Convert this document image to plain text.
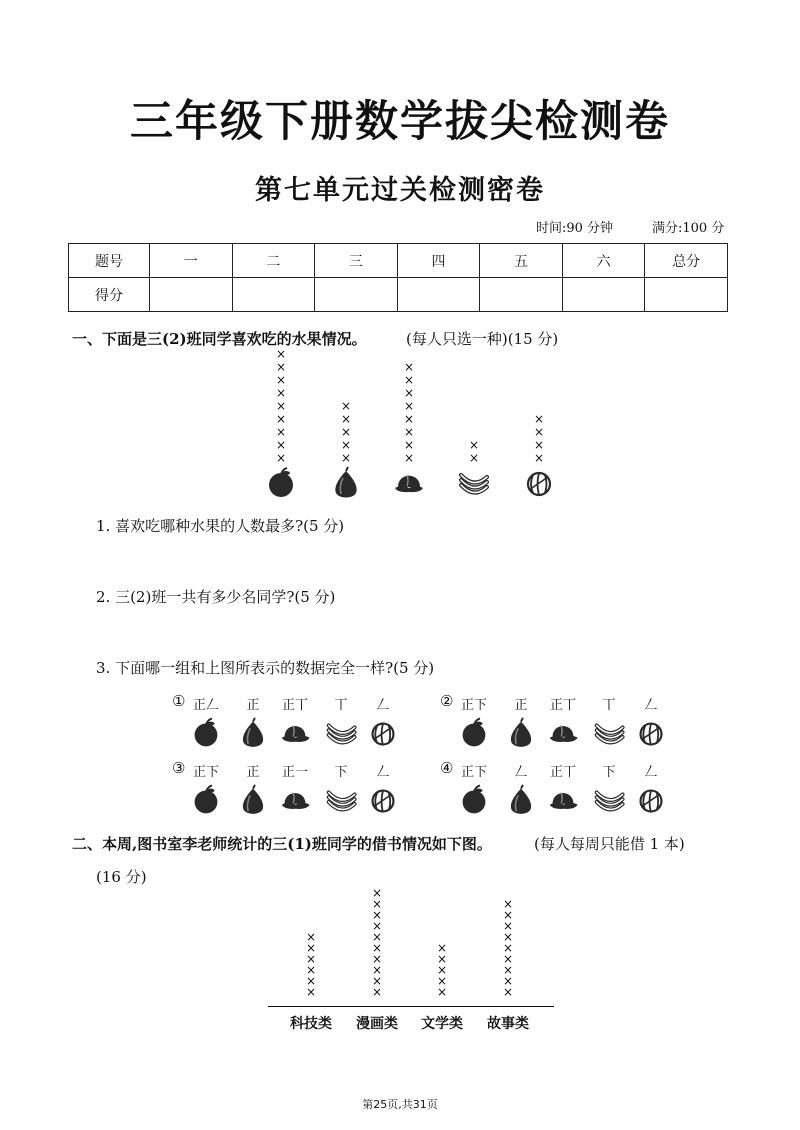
三年级下册数学拔尖检测卷
第七单元过关检测密卷
时间:90 分钟	满分:100 分
题号	一	二	三	四	五	六	总分
得分							
一、下面是三(2)班同学喜欢吃的水果情况。	(每人只选一种)(15 分)
×
×
×
×
×
×
×
×
×
×
×
×
×
×
×
×
×
×
×
×
×
×
×
×
×
×
×
×
1. 喜欢吃哪种水果的人数最多?(5 分)
2. 三(2)班一共有多少名同学?(5 分)
3. 下面哪一组和上图所表示的数据完全一样?(5 分)
① 正𠃋	正	正丅	丅	𠃋	② 正下	正	正丅	丅	𠃋
③ 正下	正	正一	下	𠃋	④ 正下	𠃋	正丅	下	𠃋
二、本周,图书室李老师统计的三(1)班同学的借书情况如下图。	(每人每周只能借 1 本)
(16 分)
×
×
×
×
×
×
科技类
×
×
×
×
×
×
×
×
×
×
漫画类
×
×
×
×
×
文学类
×
×
×
×
×
×
×
×
×
故事类
第25页,共31页
